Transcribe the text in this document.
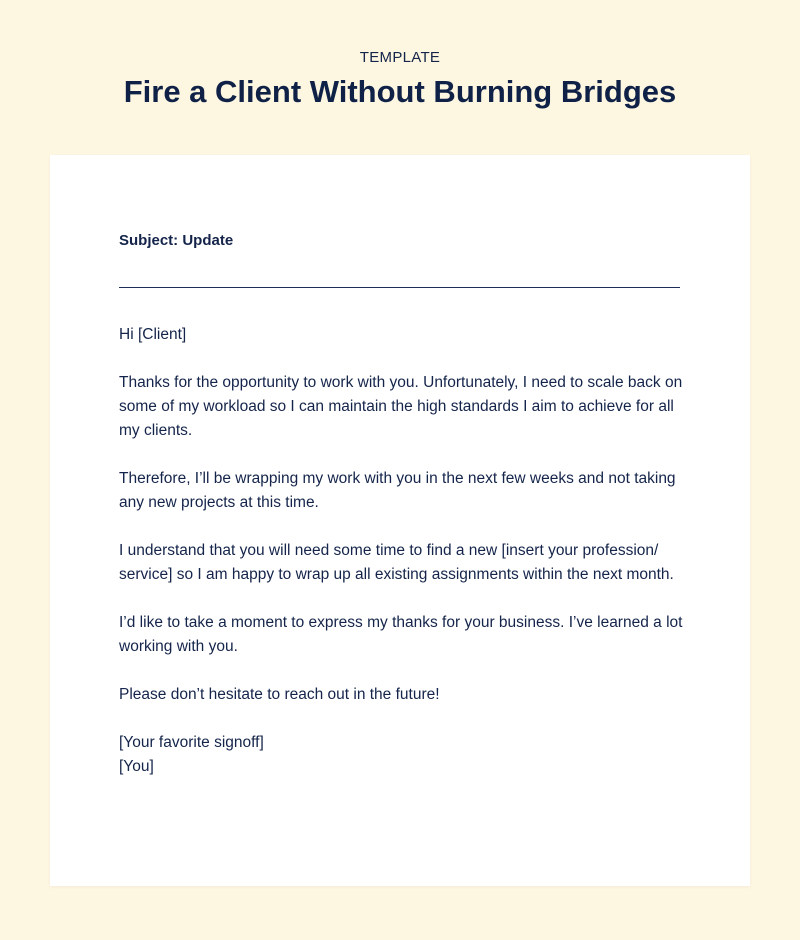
TEMPLATE
Fire a Client Without Burning Bridges
Subject: Update

Hi [Client]

Thanks for the opportunity to work with you. Unfortunately, I need to scale back on some of my workload so I can maintain the high standards I aim to achieve for all my clients.

Therefore, I’ll be wrapping my work with you in the next few weeks and not taking any new projects at this time.

I understand that you will need some time to find a new [insert your profession/ service] so I am happy to wrap up all existing assignments within the next month.

I’d like to take a moment to express my thanks for your business. I’ve learned a lot working with you.

Please don’t hesitate to reach out in the future!

[Your favorite signoff]

[You]
